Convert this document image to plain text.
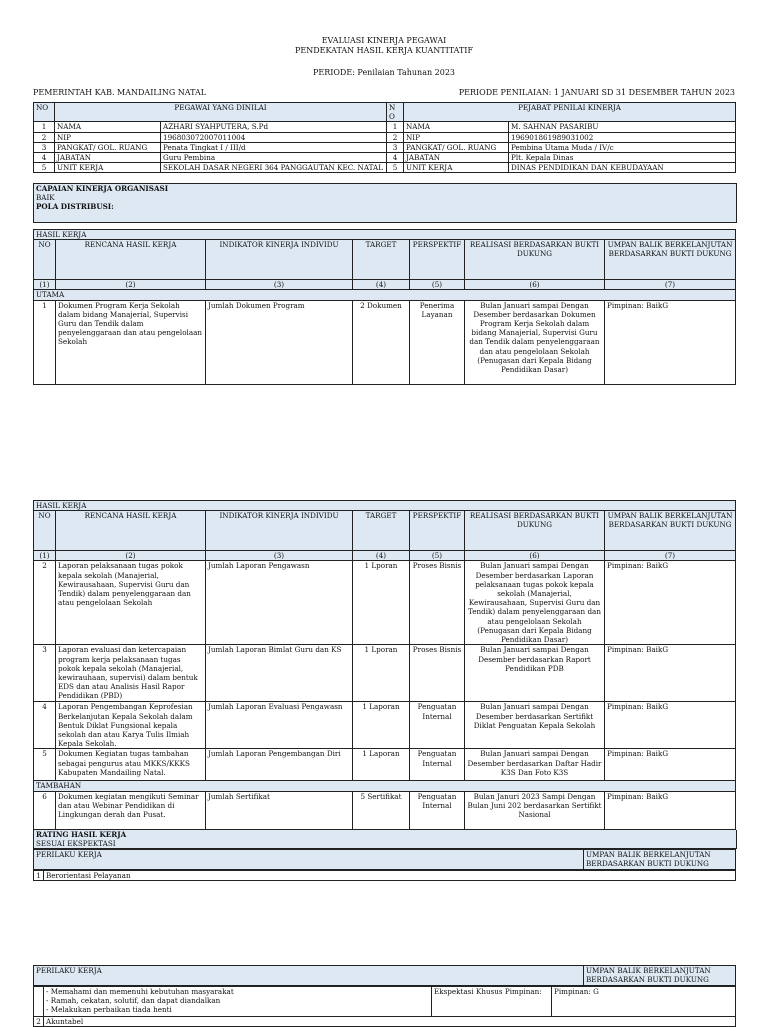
EVALUASI KINERJA PEGAWAI
PENDEKATAN HASIL KERJA KUANTITATIF
PERIODE: Penilaian Tahunan 2023
PEMERINTAH KAB. MANDAILING NATAL	PERIODE PENILAIAN: 1 JANUARI SD 31 DESEMBER TAHUN 2023
NO	PEGAWAI YANG DINILAI		NO	PEJABAT PENILAI KINERJA	
1	NAMA	AZHARI SYAHPUTERA, S.Pd	1	NAMA	M. SAHNAN PASARIBU
2	NIP	196803072007011004	2	NIP	196901861989031002
3	PANGKAT/ GOL. RUANG	Penata Tingkat I / III/d	3	PANGKAT/ GOL. RUANG	Pembina Utama Muda / IV/c
4	JABATAN	Guru Pembina	4	JABATAN	Plt. Kepala Dinas
5	UNIT KERJA	SEKOLAH DASAR NEGERI 364 PANGGAUTAN KEC. NATAL	5	UNIT KERJA	DINAS PENDIDIKAN DAN KEBUDAYAAN
CAPAIAN KINERJA ORGANISASI
BAIK
POLA DISTRIBUSI:
HASIL KERJA						
NO	RENCANA HASIL KERJA	INDIKATOR KINERJA INDIVIDU	TARGET	PERSPEKTIF	REALISASI BERDASARKAN BUKTI DUKUNG	UMPAN BALIK BERKELANJUTAN BERDASARKAN BUKTI DUKUNG
(1)	(2)	(3)	(4)	(5)	(6)	(7)
UTAMA						
1	Dokumen Program Kerja Sekolah dalam bidang Manajerial, Supervisi Guru dan Tendik dalam penyelenggaraan dan atau pengelolaan Sekolah	Jumlah Dokumen Program	2 Dokumen	Penerima Layanan	Bulan Januari sampai Dengan Desember berdasarkan Dokumen Program Kerja Sekolah dalam bidang Manajerial, Supervisi Guru dan Tendik dalam penyelenggaraan dan atau pengelolaan Sekolah (Penugasan dari Kepala Bidang Pendidikan Dasar)	Pimpinan: BaikG
HASIL KERJA						
NO	RENCANA HASIL KERJA	INDIKATOR KINERJA INDIVIDU	TARGET	PERSPEKTIF	REALISASI BERDASARKAN BUKTI DUKUNG	UMPAN BALIK BERKELANJUTAN BERDASARKAN BUKTI DUKUNG
(1)	(2)	(3)	(4)	(5)	(6)	(7)
2	Laporan pelaksanaan tugas pokok kepala sekolah (Manajerial, Kewirausahaan, Supervisi Guru dan Tendik) dalam penyelenggaraan dan atau pengelolaan Sekolah	Jumlah Laporan Pengawasn	1 Lporan	Proses Bisnis	Bulan Januari sampai Dengan Desember berdasarkan Laporan pelaksanaan tugas pokok kepala sekolah (Manajerial, Kewirausahaan, Supervisi Guru dan Tendik) dalam penyelenggaraan dan atau pengelolaan Sekolah (Penugasan dari Kepala Bidang Pendidikan Dasar)	Pimpinan: BaikG
3	Laporan evaluasi dan ketercapaian program kerja pelaksanaan tugas pokok kepala sekolah (Manajerial, kewirauhaan, supervisi) dalam bentuk EDS dan atau Analisis Hasil Rapor Pendidikan (PBD)	Jumlah Laporan Bimlat Guru dan KS	1 Lporan	Proses Bisnis	Bulan Januari sampai Dengan Desember berdasarkan Raport Pendidikan PDB	Pimpinan: BaikG
4	Laporan Pengembangan Keprofesian Berkelanjutan Kepala Sekolah dalam Bentuk Diklat Fungsional kepala sekolah dan atau Karya Tulis Ilmiah Kepala Sekolah.	Jumlah Laporan Evaluasi Pengawasn	1 Laporan	Penguatan Internal	Bulan Januari sampai Dengan Desember berdasarkan Sertifikt Diklat Penguatan Kepala Sekolah	Pimpinan: BaikG
5	Dokumen Kegiatan tugas tambahan sebagai pengurus atau MKKS/KKKS Kabupaten Mandailing Natal.	Jumlah Laporan Pengembangan Diri	1 Laporan	Penguatan Internal	Bulan Januari sampai Dengan Desember berdasarkan Daftar Hadir K3S Dan Foto K3S	Pimpinan: BaikG
TAMBAHAN						
6	Dokumen kegiatan mengikuti Seminar dan atau Webinar Pendidikan di Lingkungan derah dan Pusat.	Jumlah Sertifikat	5 Sertifikat	Penguatan Internal	Bulan Januri 2023 Sampi Dengan Bulan Juni 202 berdasarkan Sertifikt Nasional	Pimpinan: BaikG
RATING HASIL KERJA
SESUAI EKSPEKTASI
PERILAKU KERJA	UMPAN BALIK BERKELANJUTAN BERDASARKAN BUKTI DUKUNG
1	Berorientasi Pelayanan
PERILAKU KERJA	UMPAN BALIK BERKELANJUTAN BERDASARKAN BUKTI DUKUNG

	- Memahami dan memenuhi kebutuhan masyarakat
- Ramah, cekatan, solutif, dan dapat diandalkan
- Melakukan perbaikan tiada henti	Ekspektasi Khusus Pimpinan:	Pimpinan: G
2	Akuntabel		
